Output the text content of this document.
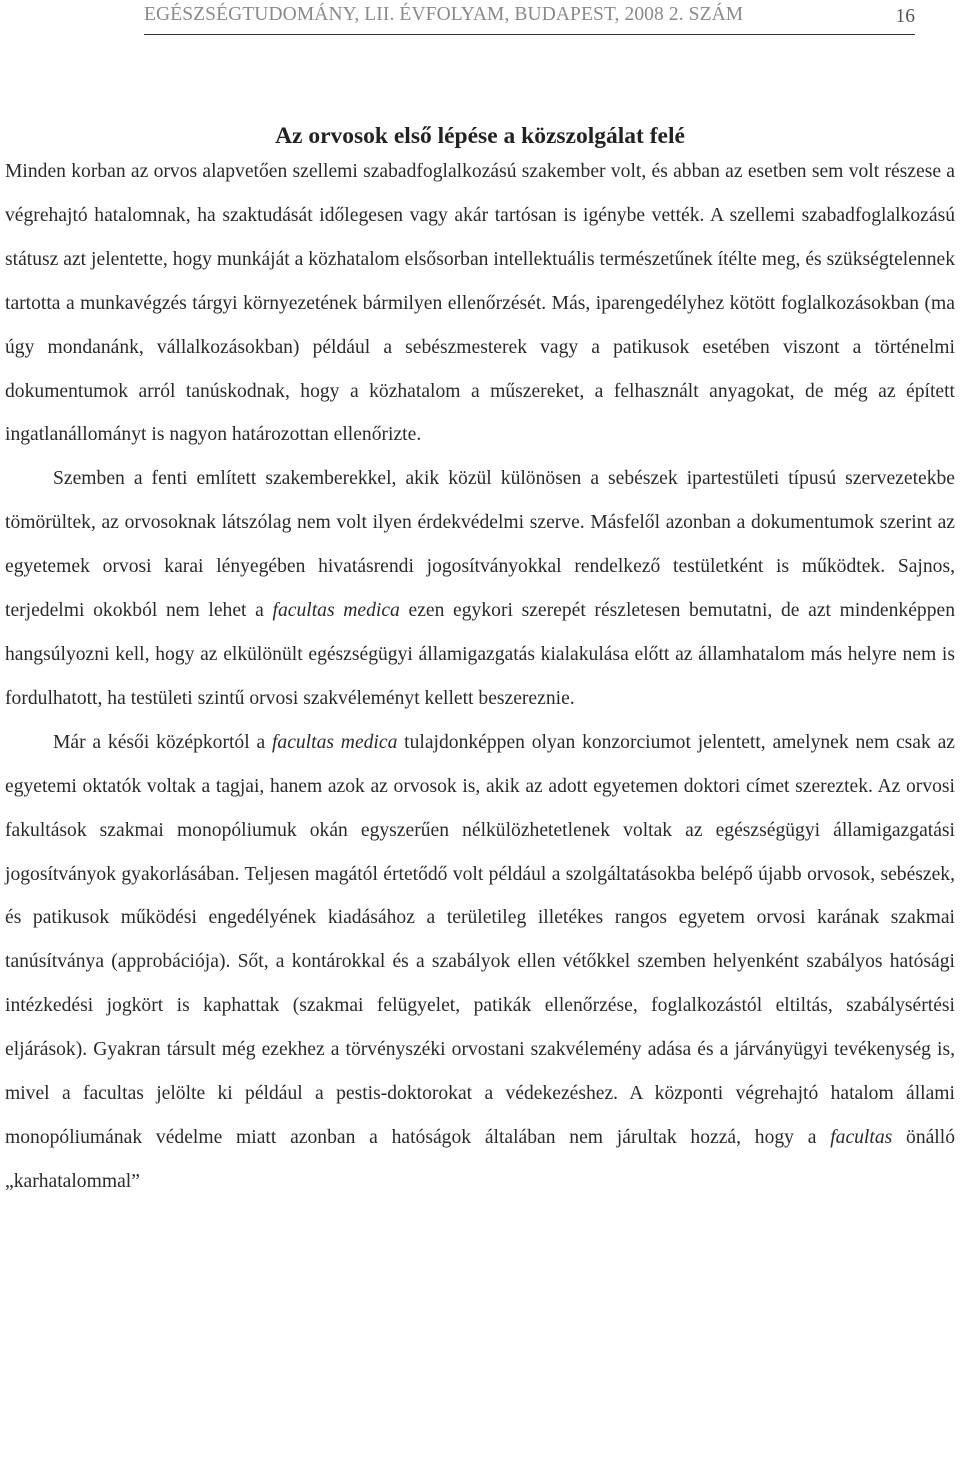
EGÉSZSÉGTUDOMÁNY, LII. ÉVFOLYAM, BUDAPEST, 2008 2. SZÁM	16
Az orvosok első lépése a közszolgálat felé

Minden korban az orvos alapvetően szellemi szabadfoglalkozású szakember volt, és abban az esetben sem volt részese a végrehajtó hatalomnak, ha szaktudását időlegesen vagy akár tartósan is igénybe vették. A szellemi szabadfoglalkozású státusz azt jelentette, hogy munkáját a közhatalom elsősorban intellektuális természetűnek ítélte meg, és szükségtelennek tartotta a munkavégzés tárgyi környezetének bármilyen ellenőrzését. Más, iparengedélyhez kötött foglalkozásokban (ma úgy mondanánk, vállalkozásokban) például a sebészmesterek vagy a patikusok esetében viszont a történelmi dokumentumok arról tanúskodnak, hogy a közhatalom a műszereket, a felhasznált anyagokat, de még az épített ingatlanállományt is nagyon határozottan ellenőrizte.

Szemben a fenti említett szakemberekkel, akik közül különösen a sebészek ipartestületi típusú szervezetekbe tömörültek, az orvosoknak látszólag nem volt ilyen érdekvédelmi szerve. Másfelől azonban a dokumentumok szerint az egyetemek orvosi karai lényegében hivatásrendi jogosítványokkal rendelkező testületként is működtek. Sajnos, terjedelmi okokból nem lehet a facultas medica ezen egykori szerepét részletesen bemutatni, de azt mindenképpen hangsúlyozni kell, hogy az elkülönült egészségügyi államigazgatás kialakulása előtt az államhatalom más helyre nem is fordulhatott, ha testületi szintű orvosi szakvéleményt kellett beszereznie.

Már a késői középkortól a facultas medica tulajdonképpen olyan konzorciumot jelentett, amelynek nem csak az egyetemi oktatók voltak a tagjai, hanem azok az orvosok is, akik az adott egyetemen doktori címet szereztek. Az orvosi fakultások szakmai monopóliumuk okán egyszerűen nélkülözhetetlenek voltak az egészségügyi államigazgatási jogosítványok gyakorlásában. Teljesen magától értetődő volt például a szolgáltatásokba belépő újabb orvosok, sebészek, és patikusok működési engedélyének kiadásához a területileg illetékes rangos egyetem orvosi karának szakmai tanúsítványa (approbációja). Sőt, a kontárokkal és a szabályok ellen vétőkkel szemben helyenként szabályos hatósági intézkedési jogkört is kaphattak (szakmai felügyelet, patikák ellenőrzése, foglalkozástól eltiltás, szabálysértési eljárások). Gyakran társult még ezekhez a törvényszéki orvostani szakvélemény adása és a járványügyi tevékenység is, mivel a facultas jelölte ki például a pestis-doktorokat a védekezéshez. A központi végrehajtó hatalom állami monopóliumának védelme miatt azonban a hatóságok általában nem járultak hozzá, hogy a facultas önálló „karhatalommal”
